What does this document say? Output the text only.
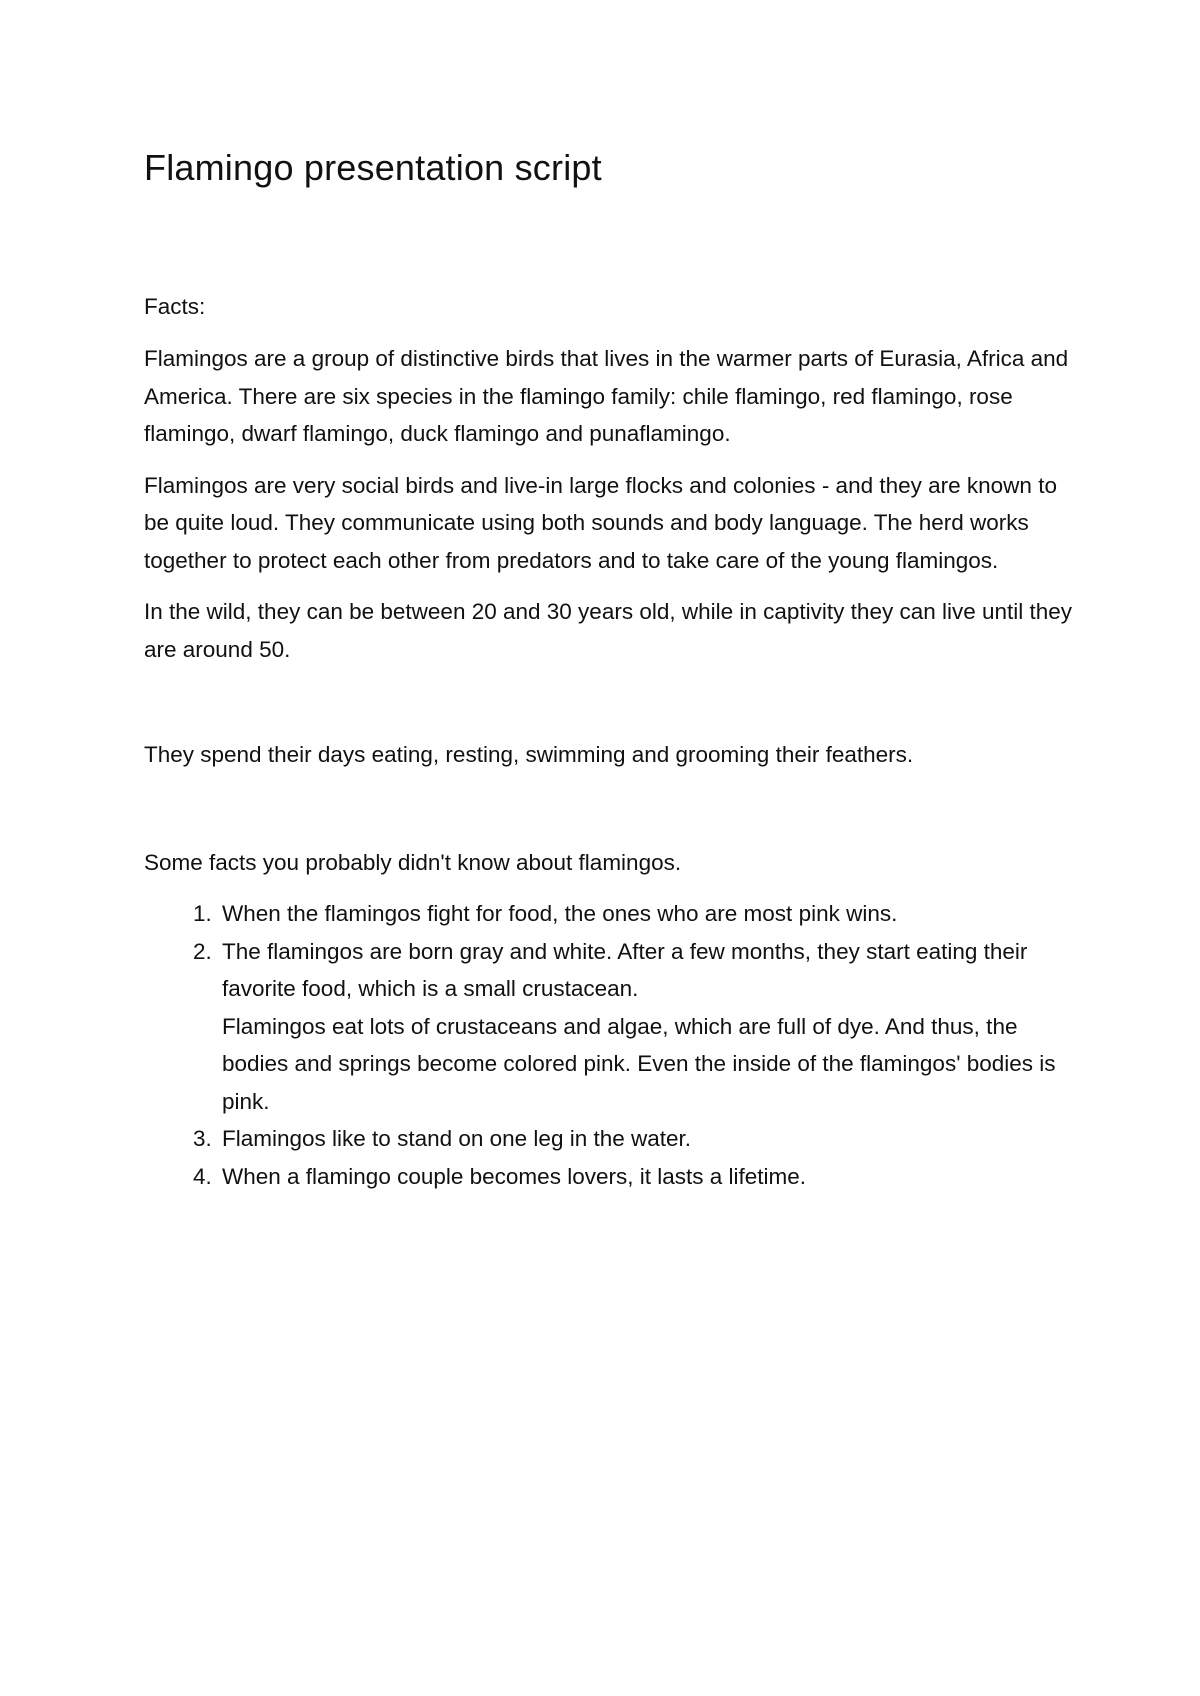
Flamingo presentation script
Facts:

Flamingos are a group of distinctive birds that lives in the warmer parts of Eurasia, Africa and America. There are six species in the flamingo family: chile flamingo, red flamingo, rose flamingo, dwarf flamingo, duck flamingo and punaflamingo.

Flamingos are very social birds and live-in large flocks and colonies - and they are known to be quite loud. They communicate using both sounds and body language. The herd works together to protect each other from predators and to take care of the young flamingos.

In the wild, they can be between 20 and 30 years old, while in captivity they can live until they are around 50.

They spend their days eating, resting, swimming and grooming their feathers.

Some facts you probably didn't know about flamingos.

1. When the flamingos fight for food, the ones who are most pink wins.
2. The flamingos are born gray and white. After a few months, they start eating their favorite food, which is a small crustacean.
Flamingos eat lots of crustaceans and algae, which are full of dye. And thus, the bodies and springs become colored pink. Even the inside of the flamingos' bodies is pink.
3. Flamingos like to stand on one leg in the water.
4. When a flamingo couple becomes lovers, it lasts a lifetime.
